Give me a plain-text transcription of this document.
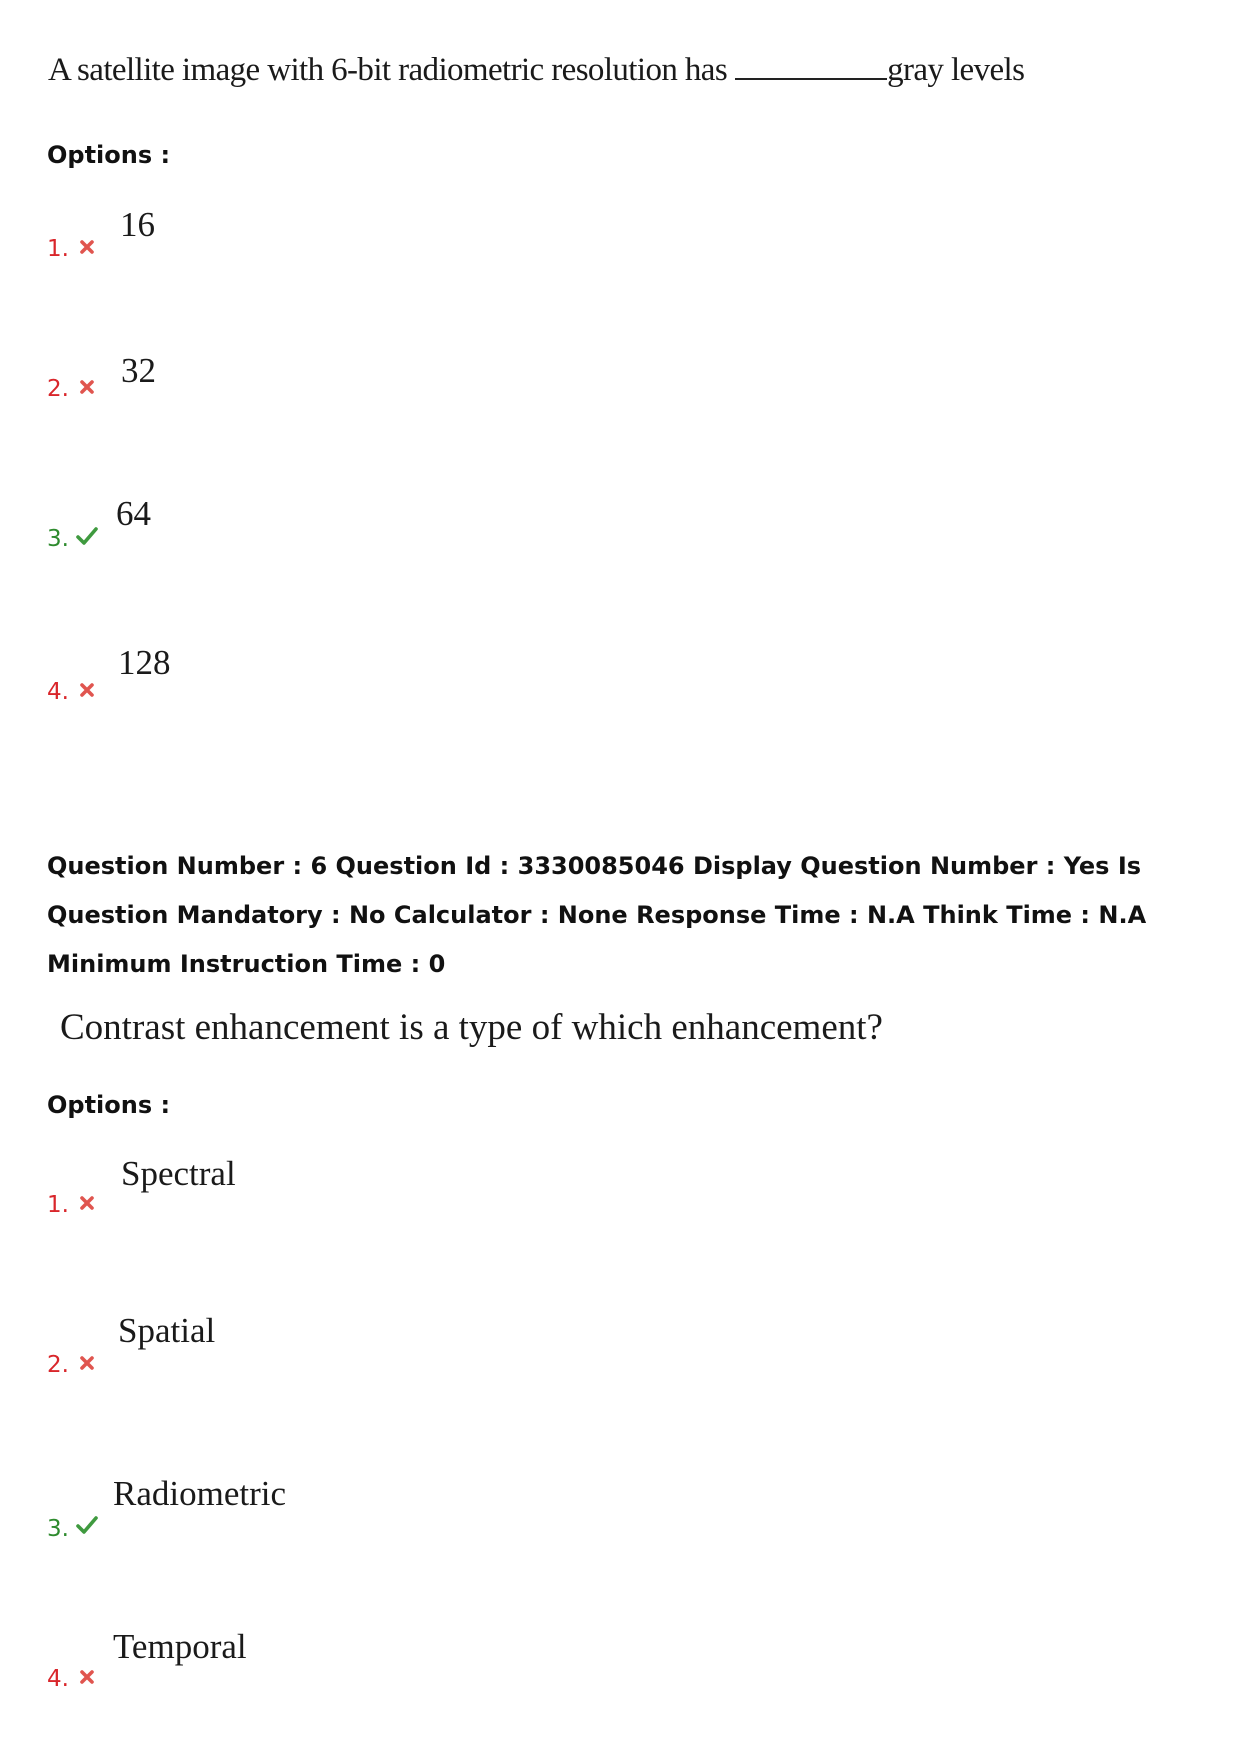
A satellite image with 6-bit radiometric resolution has	gray levels
Options :
1.
16
2. 32
3.
64
4.
128
Question Number : 6 Question Id : 3330085046 Display Question Number : Yes Is Question Mandatory : No Calculator : None Response Time : N.A Think Time : N.A Minimum Instruction Time : 0
Contrast enhancement is a type of which enhancement?
Options :
1.
Spectral
2.
Spatial
3.
Radiometric
4.
Temporal
